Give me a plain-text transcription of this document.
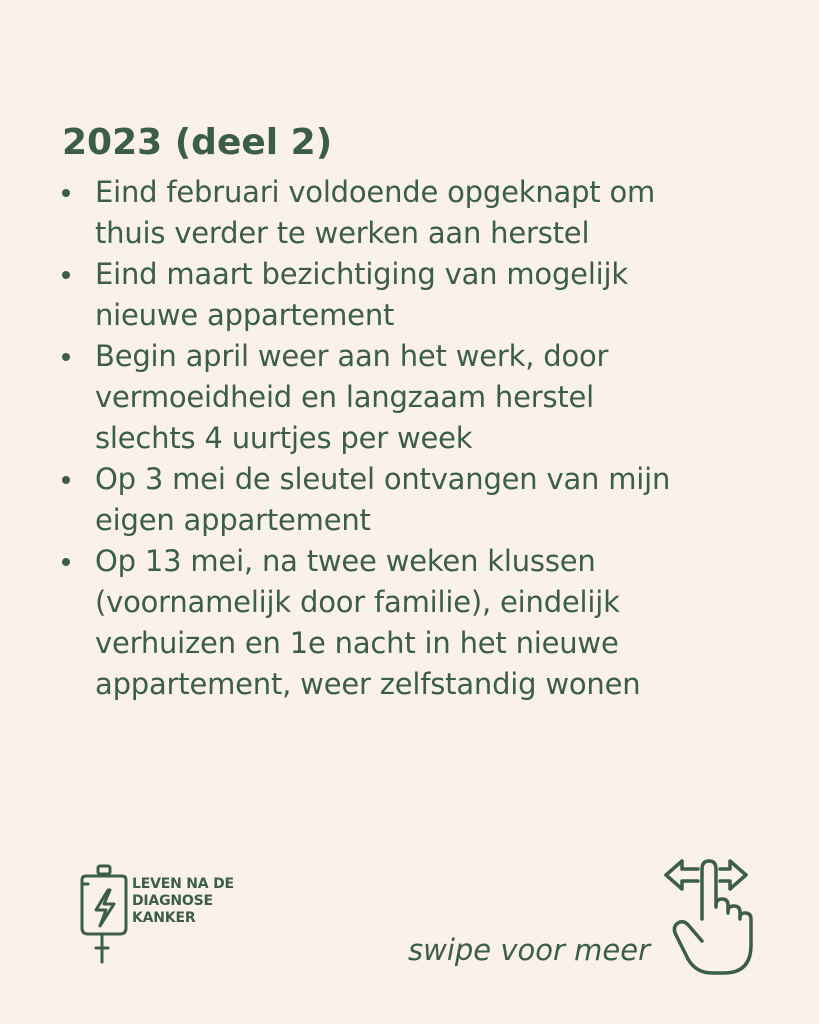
2023 (deel 2)
Eind februari voldoende opgeknapt om
thuis verder te werken aan herstel
Eind maart bezichtiging van mogelijk
nieuwe appartement
Begin april weer aan het werk, door
vermoeidheid en langzaam herstel
slechts 4 uurtjes per week
Op 3 mei de sleutel ontvangen van mijn
eigen appartement
Op 13 mei, na twee weken klussen
(voornamelijk door familie), eindelijk
verhuizen en 1e nacht in het nieuwe
appartement, weer zelfstandig wonen
LEVEN NA DE
DIAGNOSE
KANKER
swipe voor meer
